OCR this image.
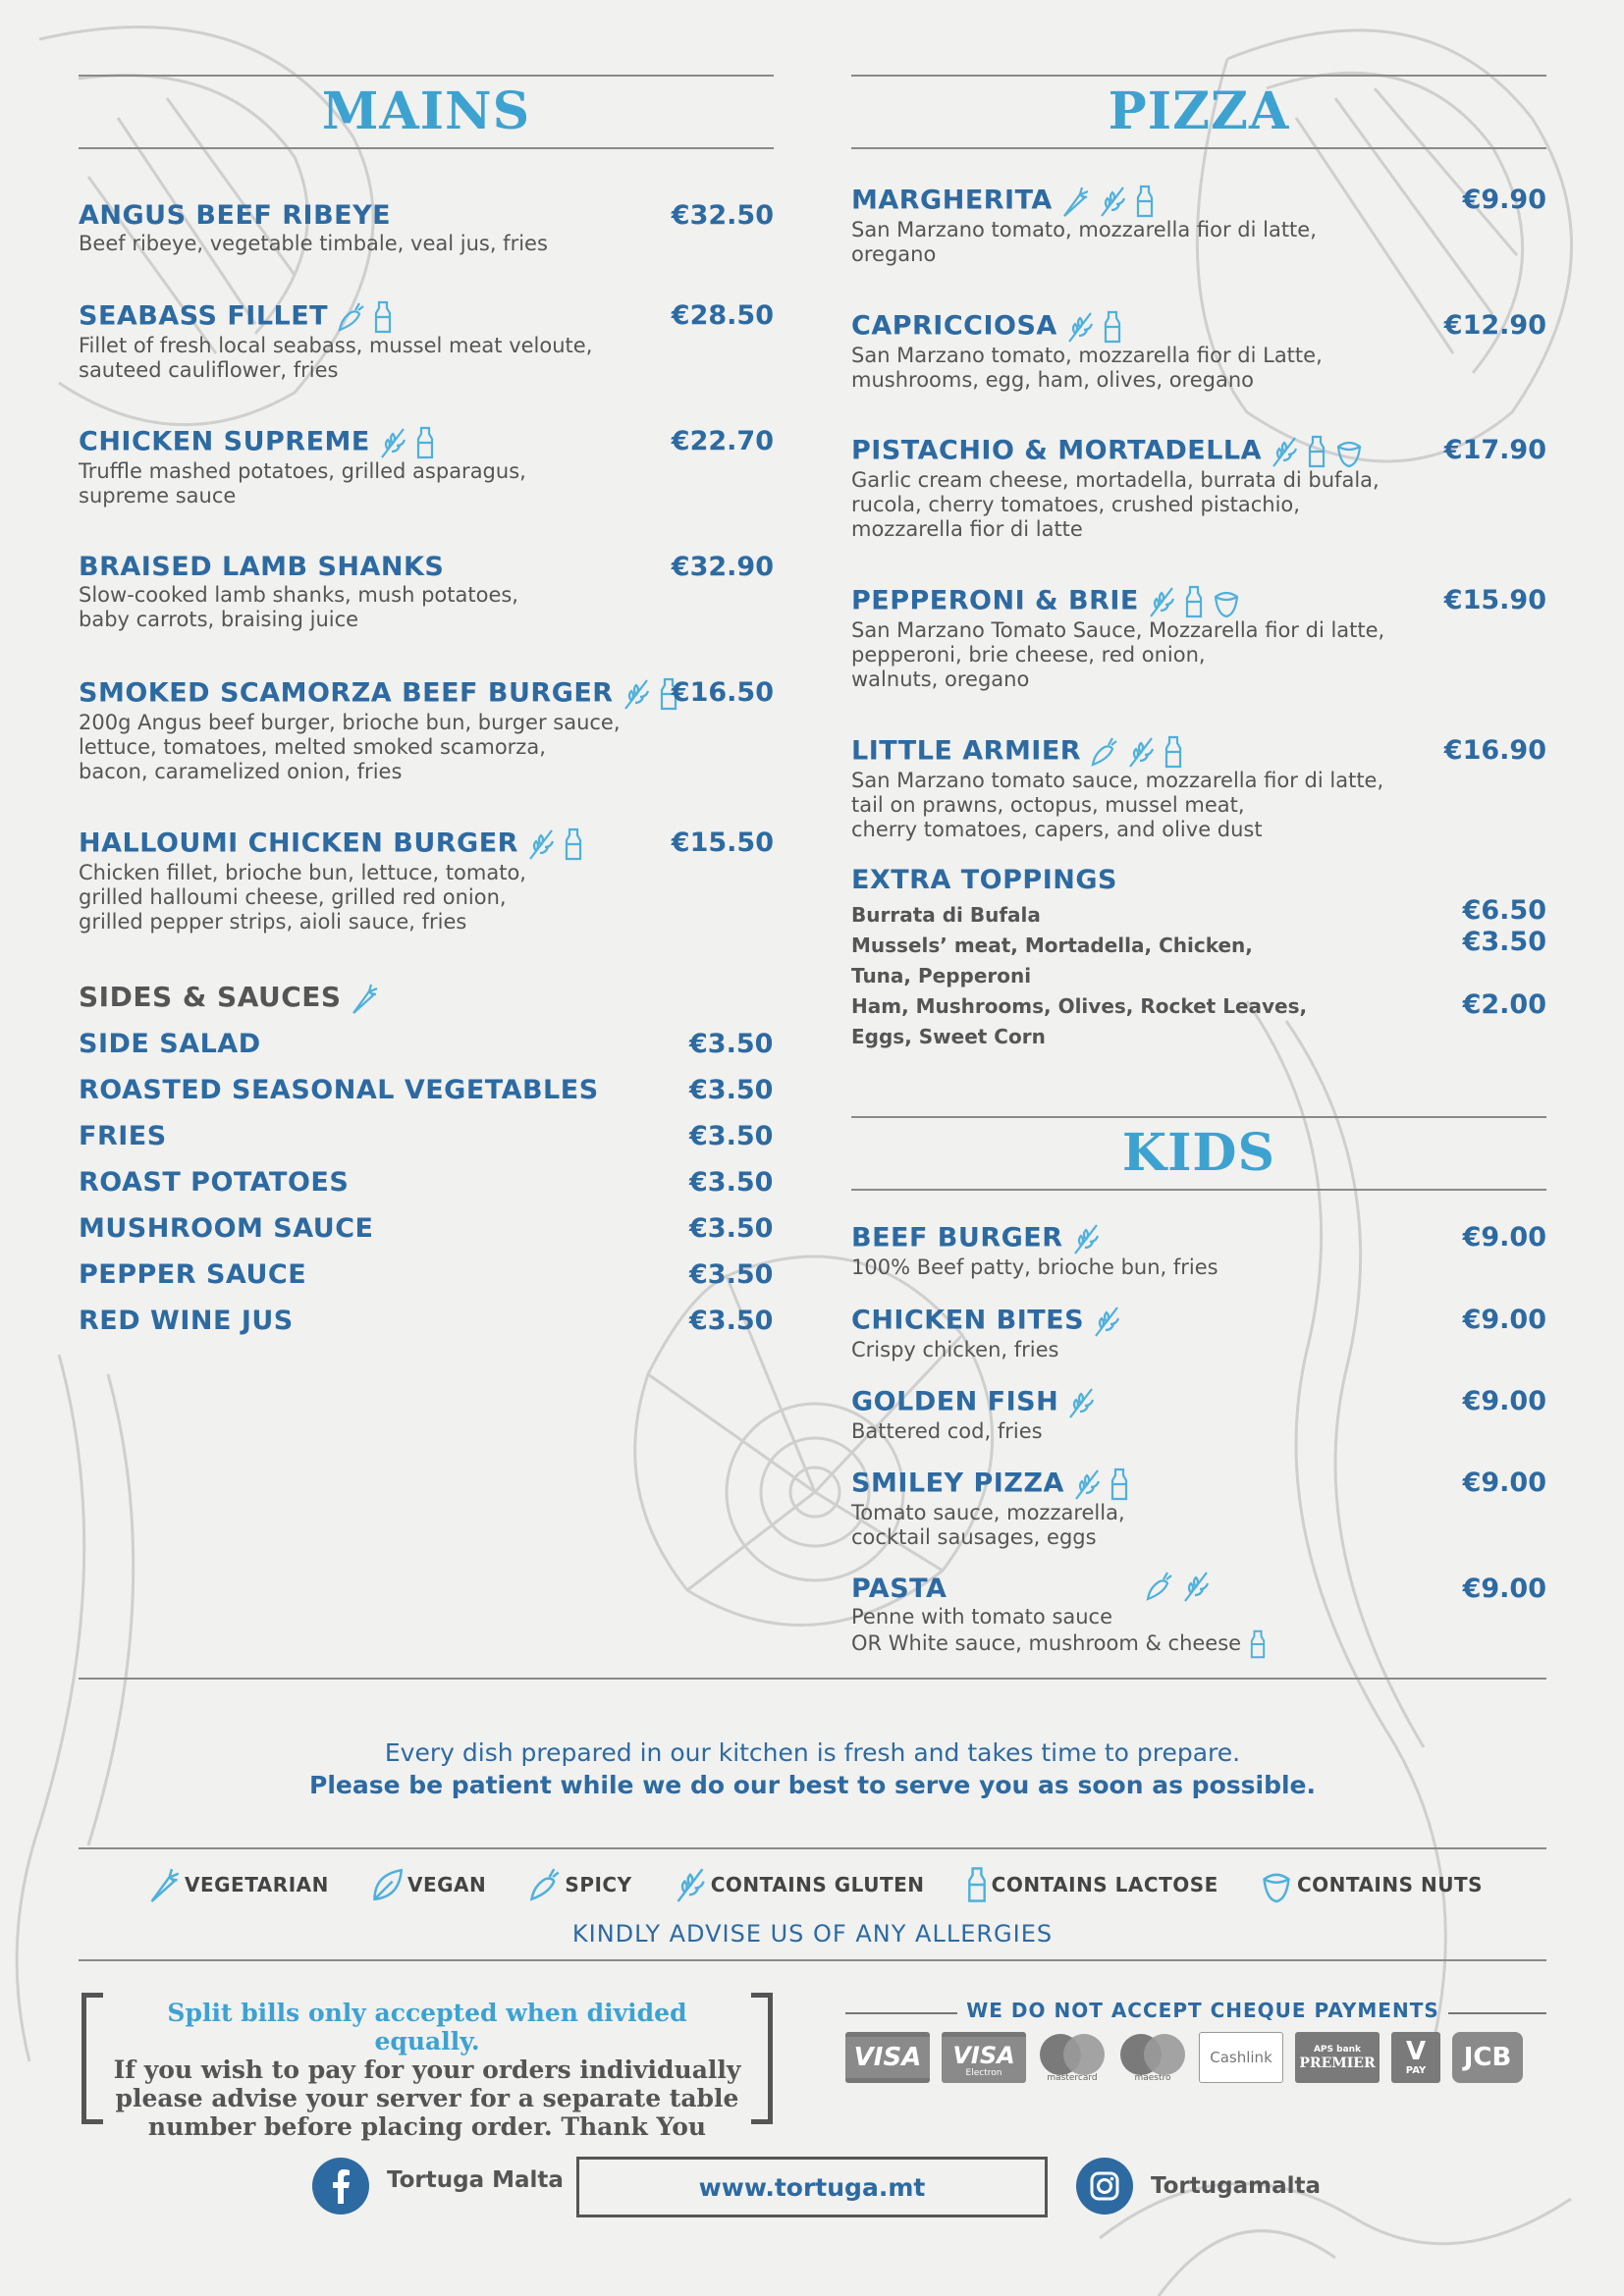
MAINS
ANGUS BEEF RIBEYE	€32.50
Beef ribeye, vegetable timbale, veal jus, fries
SEABASS FILLET	€28.50
Fillet of fresh local seabass, mussel meat veloute,
sauteed cauliflower, fries
CHICKEN SUPREME	€22.70
Truffle mashed potatoes, grilled asparagus,
supreme sauce
BRAISED LAMB SHANKS	€32.90
Slow-cooked lamb shanks, mush potatoes,
baby carrots, braising juice
SMOKED SCAMORZA BEEF BURGER	€16.50
200g Angus beef burger, brioche bun, burger sauce,
lettuce, tomatoes, melted smoked scamorza,
bacon, caramelized onion, fries
HALLOUMI CHICKEN BURGER	€15.50
Chicken fillet, brioche bun, lettuce, tomato,
grilled halloumi cheese, grilled red onion,
grilled pepper strips, aioli sauce, fries
SIDES & SAUCES
SIDE SALAD	€3.50
ROASTED SEASONAL VEGETABLES	€3.50
FRIES	€3.50
ROAST POTATOES	€3.50
MUSHROOM SAUCE	€3.50
PEPPER SAUCE	€3.50
RED WINE JUS	€3.50
PIZZA
MARGHERITA	€9.90
San Marzano tomato, mozzarella fior di latte,
oregano
CAPRICCIOSA	€12.90
San Marzano tomato, mozzarella fior di Latte,
mushrooms, egg, ham, olives, oregano
PISTACHIO & MORTADELLA	€17.90
Garlic cream cheese, mortadella, burrata di bufala,
rucola, cherry tomatoes, crushed pistachio,
mozzarella fior di latte
PEPPERONI & BRIE	€15.90
San Marzano Tomato Sauce, Mozzarella fior di latte,
pepperoni, brie cheese, red onion,
walnuts, oregano
LITTLE ARMIER	€16.90
San Marzano tomato sauce, mozzarella fior di latte,
tail on prawns, octopus, mussel meat,
cherry tomatoes, capers, and olive dust
EXTRA TOPPINGS
Burrata di Bufala	€6.50
Mussels’ meat, Mortadella, Chicken,	€3.50
Tuna, Pepperoni
Ham, Mushrooms, Olives, Rocket Leaves,	€2.00
Eggs, Sweet Corn
KIDS
BEEF BURGER	€9.00
100% Beef patty, brioche bun, fries
CHICKEN BITES	€9.00
Crispy chicken, fries
GOLDEN FISH	€9.00
Battered cod, fries
SMILEY PIZZA	€9.00
Tomato sauce, mozzarella,
cocktail sausages, eggs
PASTA	€9.00
Penne with tomato sauce
OR White sauce, mushroom & cheese
Every dish prepared in our kitchen is fresh and takes time to prepare.
Please be patient while we do our best to serve you as soon as possible.
VEGETARIAN	VEGAN	SPICY	CONTAINS GLUTEN	CONTAINS LACTOSE	CONTAINS NUTS
KINDLY ADVISE US OF ANY ALLERGIES
Split bills only accepted when divided equally.
If you wish to pay for your orders individually
please advise your server for a separate table
number before placing order. Thank You
WE DO NOT ACCEPT CHEQUE PAYMENTS
VISA	VISA
Electron
mastercard	maestro
Cashlink	APS bank
PREMIER V
PAY	JCB
Tortuga Malta	www.tortuga.mt	Tortugamalta
